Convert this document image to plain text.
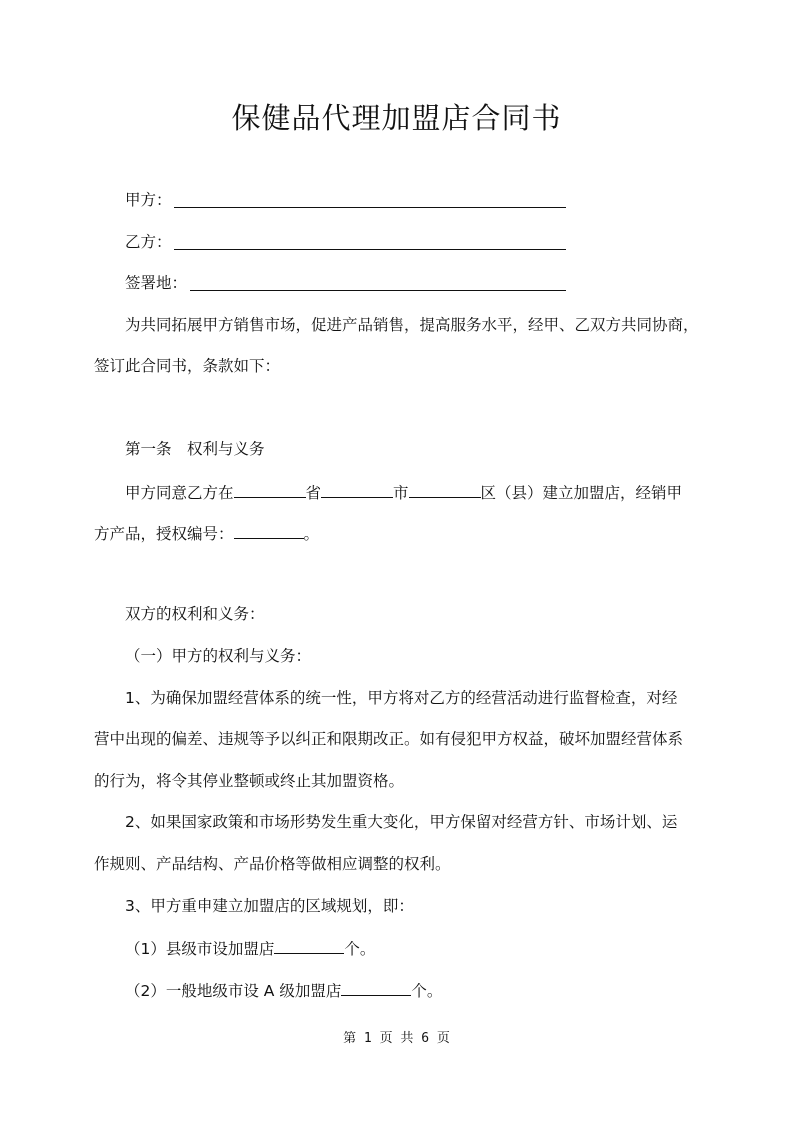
保健品代理加盟店合同书
甲方：
乙方：
签署地：
为共同拓展甲方销售市场，促进产品销售，提高服务水平，经甲、乙双方共同协商，
签订此合同书，条款如下：
第一条　权利与义务
甲方同意乙方在	省	市	区（县）建立加盟店，经销甲
方产品，授权编号：	。
双方的权利和义务：
（一）甲方的权利与义务：
1、为确保加盟经营体系的统一性，甲方将对乙方的经营活动进行监督检查，对经
营中出现的偏差、违规等予以纠正和限期改正。如有侵犯甲方权益，破坏加盟经营体系
的行为，将令其停业整顿或终止其加盟资格。
2、如果国家政策和市场形势发生重大变化，甲方保留对经营方针、市场计划、运
作规则、产品结构、产品价格等做相应调整的权利。
3、甲方重申建立加盟店的区域规划，即：
（1）县级市设加盟店	个。
（2）一般地级市设 A 级加盟店	个。
第 1 页 共 6 页
